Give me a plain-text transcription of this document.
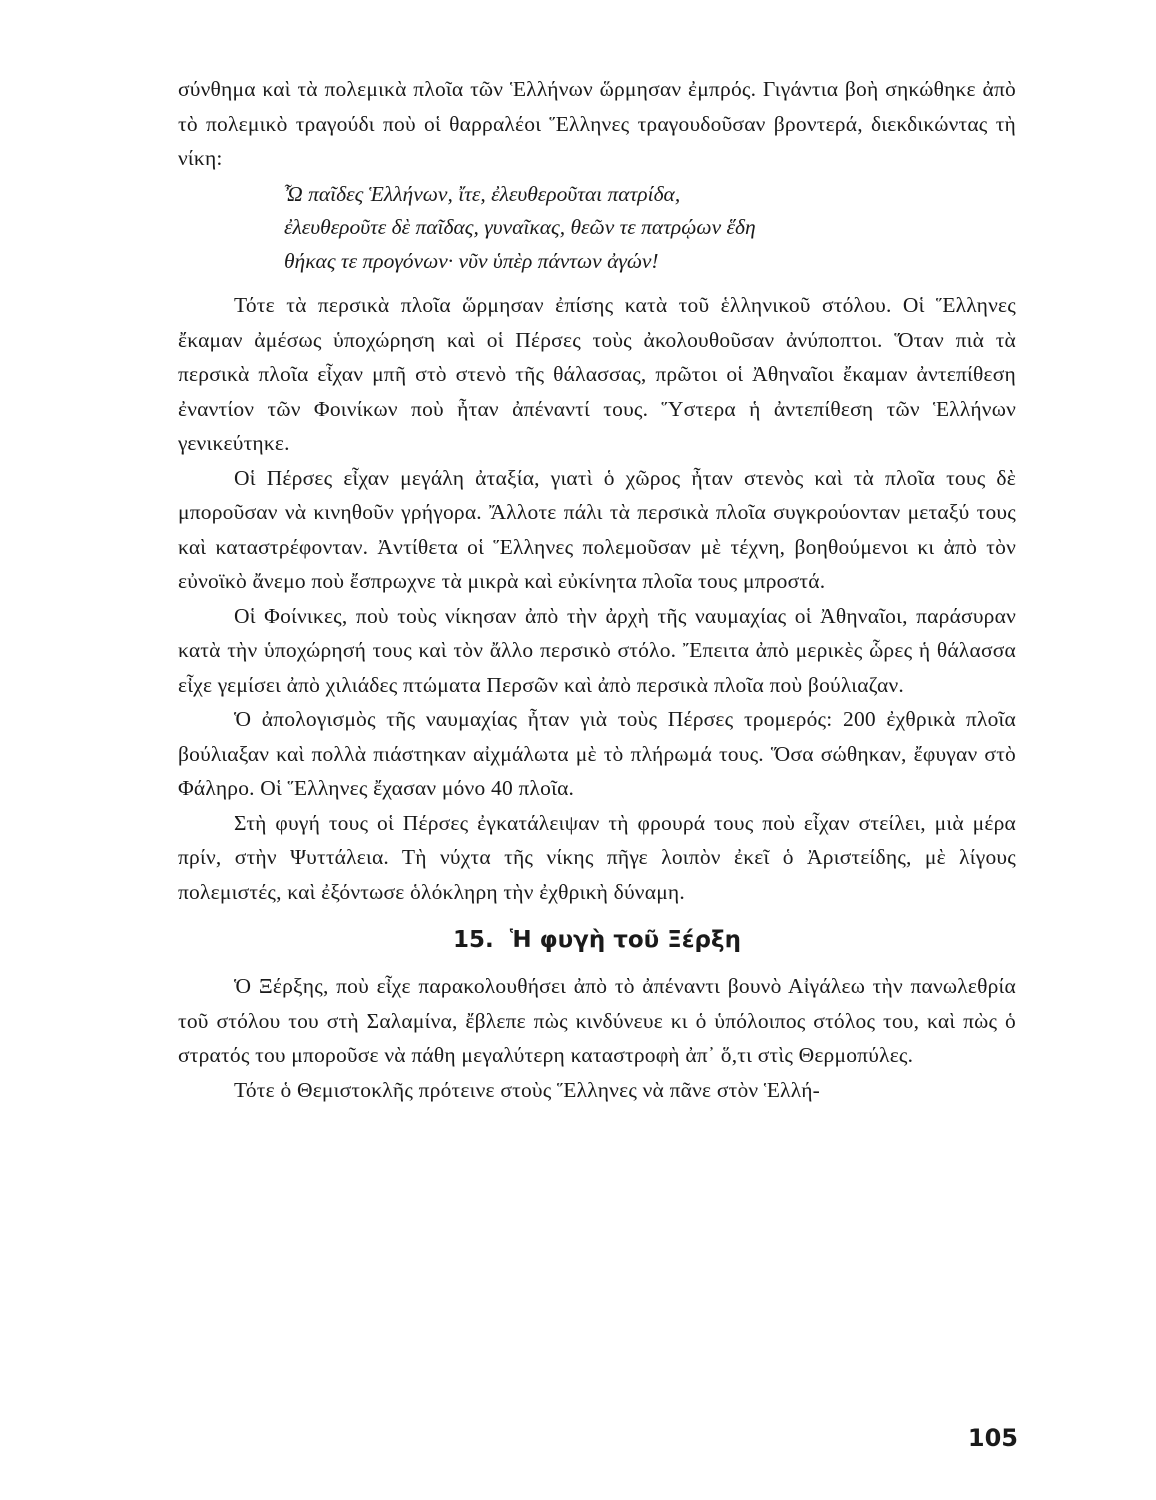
σύνθημα καὶ τὰ πολεμικὰ πλοῖα τῶν Ἑλλήνων ὥρμησαν ἐμπρός. Γιγάντια βοὴ σηκώθηκε ἀπὸ τὸ πολεμικὸ τραγούδι ποὺ οἱ θαρραλέοι Ἕλληνες τραγουδοῦσαν βροντερά, διεκδικώντας τὴ νίκη:

Ὦ παῖδες Ἑλλήνων, ἴτε, ἐλευθεροῦται πατρίδα,
ἐλευθεροῦτε δὲ παῖδας, γυναῖκας, θεῶν τε πατρῴων ἕδη
θήκας τε προγόνων· νῦν ὑπὲρ πάντων ἀγών!

Τότε τὰ περσικὰ πλοῖα ὥρμησαν ἐπίσης κατὰ τοῦ ἑλληνικοῦ στόλου. Οἱ Ἕλληνες ἔκαμαν ἀμέσως ὑποχώρηση καὶ οἱ Πέρσες τοὺς ἀκολουθοῦσαν ἀνύποπτοι. Ὅταν πιὰ τὰ περσικὰ πλοῖα εἶχαν μπῆ στὸ στενὸ τῆς θάλασσας, πρῶτοι οἱ Ἀθηναῖοι ἔκαμαν ἀντεπίθεση ἐναντίον τῶν Φοινίκων ποὺ ἦταν ἀπέναντί τους. Ὕστερα ἡ ἀντεπίθεση τῶν Ἑλλήνων γενικεύτηκε.

Οἱ Πέρσες εἶχαν μεγάλη ἀταξία, γιατὶ ὁ χῶρος ἦταν στενὸς καὶ τὰ πλοῖα τους δὲ μποροῦσαν νὰ κινηθοῦν γρήγορα. Ἄλλοτε πάλι τὰ περσικὰ πλοῖα συγκρούονταν μεταξύ τους καὶ καταστρέφονταν. Ἀντίθετα οἱ Ἕλληνες πολεμοῦσαν μὲ τέχνη, βοηθούμενοι κι ἀπὸ τὸν εὐνοϊκὸ ἄνεμο ποὺ ἔσπρωχνε τὰ μικρὰ καὶ εὐκίνητα πλοῖα τους μπροστά.

Οἱ Φοίνικες, ποὺ τοὺς νίκησαν ἀπὸ τὴν ἀρχὴ τῆς ναυμαχίας οἱ Ἀθηναῖοι, παράσυραν κατὰ τὴν ὑποχώρησή τους καὶ τὸν ἄλλο περσικὸ στόλο. Ἔπειτα ἀπὸ μερικὲς ὧρες ἡ θάλασσα εἶχε γεμίσει ἀπὸ χιλιάδες πτώματα Περσῶν καὶ ἀπὸ περσικὰ πλοῖα ποὺ βούλιαζαν.

Ὁ ἀπολογισμὸς τῆς ναυμαχίας ἦταν γιὰ τοὺς Πέρσες τρομερός: 200 ἐχθρικὰ πλοῖα βούλιαξαν καὶ πολλὰ πιάστηκαν αἰχμάλωτα μὲ τὸ πλήρωμά τους. Ὅσα σώθηκαν, ἔφυγαν στὸ Φάληρο. Οἱ Ἕλληνες ἔχασαν μόνο 40 πλοῖα.

Στὴ φυγή τους οἱ Πέρσες ἐγκατάλειψαν τὴ φρουρά τους ποὺ εἶχαν στείλει, μιὰ μέρα πρίν, στὴν Ψυττάλεια. Τὴ νύχτα τῆς νίκης πῆγε λοιπὸν ἐκεῖ ὁ Ἀριστείδης, μὲ λίγους πολεμιστές, καὶ ἐξόντωσε ὁλόκληρη τὴν ἐχθρικὴ δύναμη.

15. Ἡ φυγὴ τοῦ Ξέρξη

Ὁ Ξέρξης, ποὺ εἶχε παρακολουθήσει ἀπὸ τὸ ἀπέναντι βουνὸ Αἰγάλεω τὴν πανωλεθρία τοῦ στόλου του στὴ Σαλαμίνα, ἔβλεπε πὼς κινδύνευε κι ὁ ὑπόλοιπος στόλος του, καὶ πὼς ὁ στρατός του μποροῦσε νὰ πάθη μεγαλύτερη καταστροφὴ ἀπ᾿ ὅ,τι στὶς Θερμοπύλες.

Τότε ὁ Θεμιστοκλῆς πρότεινε στοὺς Ἕλληνες νὰ πᾶνε στὸν Ἑλλή-

105
